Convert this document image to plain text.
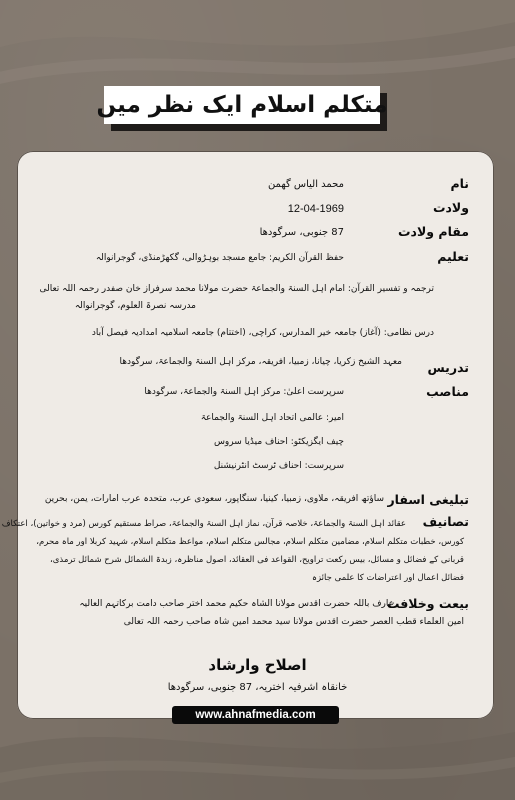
متکلم اسلام ایک نظر میں
نام
محمد الیاس گھمن
ولادت
12-04-1969
مقام ولادت
87 جنوبی، سرگودھا
تعلیم
حفظ القرآن الکریم: جامع مسجد بوہڑوالی، گکھڑمنڈی، گوجرانوالہ
ترجمہ و تفسیر القرآن: امام اہل السنۃ والجماعۃ حضرت مولانا محمد سرفراز خان صفدر رحمہ اللہ تعالی
مدرسہ نصرۃ العلوم، گوجرانوالہ
درس نظامی: (آغاز) جامعہ خیر المدارس، کراچی، (اختتام) جامعہ اسلامیہ امدادیہ فیصل آباد
تدریس
معہد الشیخ زکریا، چیانا، زمبیا، افریقہ، مرکز اہل السنۃ والجماعۃ، سرگودھا
مناصب
سرپرست اعلیٰ: مرکز اہل السنۃ والجماعۃ، سرگودھا
امیر: عالمی اتحاد اہل السنۃ والجماعۃ
چیف ایگزیکٹو: احناف میڈیا سروس
سرپرست: احناف ٹرسٹ انٹرنیشنل
تبلیغی اسفار
ساؤتھ افریقہ، ملاوی، زمبیا، کینیا، سنگاپور، سعودی عرب، متحدہ عرب امارات، یمن، بحرین
تصانیف
عقائد اہل السنۃ والجماعۃ، خلاصہ قرآن، نماز اہل السنۃ والجماعۃ، صراط مستقیم کورس (مرد و خواتین)، اعتکاف
کورس، خطبات متکلم اسلام، مضامین متکلم اسلام، مجالس متکلم اسلام، مواعظ متکلم اسلام، شہید کربلا اور ماہ محرم،
قربانی کے فضائل و مسائل، بیس رکعت تراویح، القواعد فی العقائد، اصول مناظرہ، زبدۃ الشمائل شرح شمائل ترمذی،
فضائل اعمال اور اعتراضات کا علمی جائزہ
بیعت وخلافت
عارف باللہ حضرت اقدس مولانا الشاہ حکیم محمد اختر صاحب دامت برکاتہم العالیہ
امین العلماء قطب العصر حضرت اقدس مولانا سید محمد امین شاہ صاحب رحمہ اللہ تعالی
اصلاح وارشاد
خانقاہ اشرفیہ اختریہ، 87 جنوبی، سرگودھا
www.ahnafmedia.com
